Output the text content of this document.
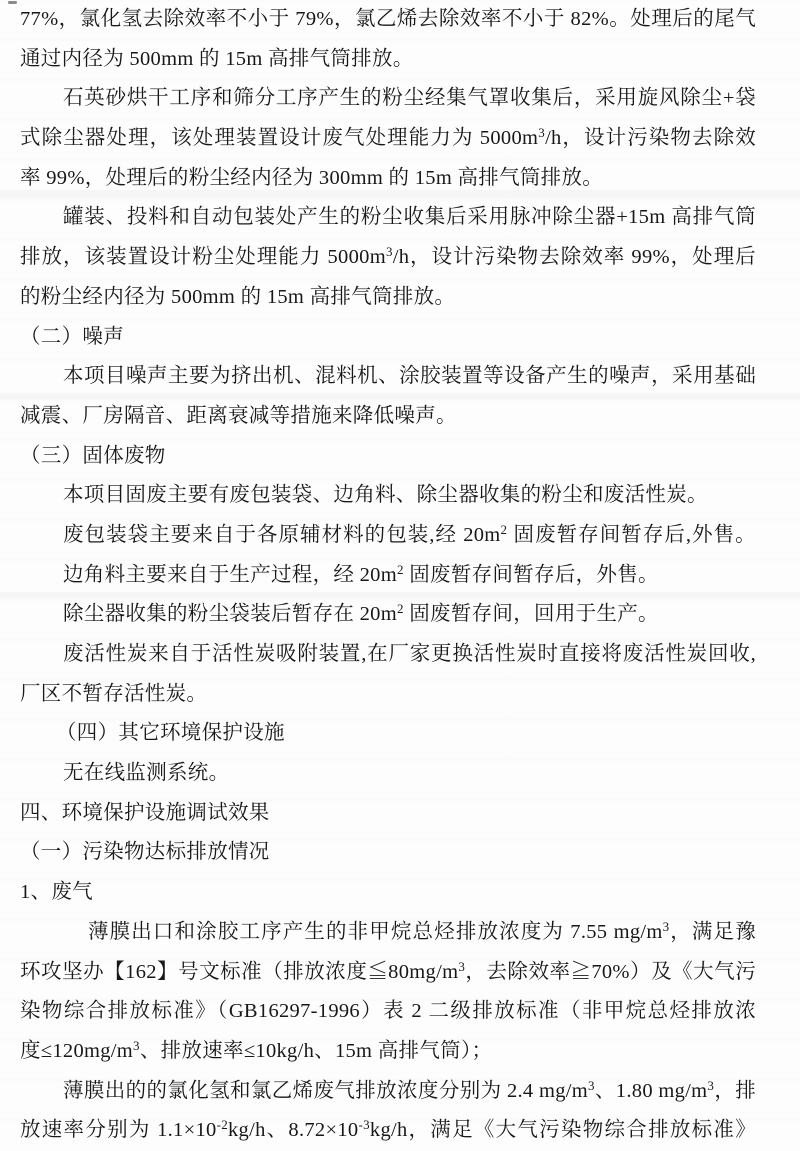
77%，氯化氢去除效率不小于 79%，氯乙烯去除效率不小于 82%。处理后的尾气
通过内径为 500mm 的 15m 高排气筒排放。
石英砂烘干工序和筛分工序产生的粉尘经集气罩收集后，采用旋风除尘+袋
式除尘器处理，该处理装置设计废气处理能力为 $5000m^3/h$，设计污染物去除效
率 99%，处理后的粉尘经内径为 300mm 的 15m 高排气筒排放。
罐装、投料和自动包装处产生的粉尘收集后采用脉冲除尘器+15m 高排气筒
排放，该装置设计粉尘处理能力 $5000m^3/h$，设计污染物去除效率 99%，处理后
的粉尘经内径为 500mm 的 15m 高排气筒排放。
（二）噪声
本项目噪声主要为挤出机、混料机、涂胶装置等设备产生的噪声，采用基础
减震、厂房隔音、距离衰减等措施来降低噪声。
（三）固体废物
本项目固废主要有废包装袋、边角料、除尘器收集的粉尘和废活性炭。
废包装袋主要来自于各原辅材料的包装,经 $20m^2$ 固废暂存间暂存后,外售。
边角料主要来自于生产过程，经 $20m^2$ 固废暂存间暂存后，外售。
除尘器收集的粉尘袋装后暂存在 $20m^2$ 固废暂存间，回用于生产。
废活性炭来自于活性炭吸附装置,在厂家更换活性炭时直接将废活性炭回收,
厂区不暂存活性炭。
（四）其它环境保护设施
无在线监测系统。
四、环境保护设施调试效果
（一）污染物达标排放情况
1、废气
薄膜出口和涂胶工序产生的非甲烷总烃排放浓度为 7.55 $mg/m^3$，满足豫
环攻坚办【162】号文标准（排放浓度$≦80mg/m^3$，去除效率≧70%）及《大气污
染物综合排放标准》（GB16297-1996）表 2 二级排放标准（非甲烷总烃排放浓
度$\le 120mg/m^3$、排放速率≤10kg/h、15m 高排气筒）；
薄膜出的的氯化氢和氯乙烯废气排放浓度分别为 2.4 $mg/m^3$、1.80 $mg/m^3$，排
放速率分别为 $1.1\times 10^{-2}kg/h$、$8.72\times 10^{-3}kg/h$，满足《大气污染物综合排放标准》
